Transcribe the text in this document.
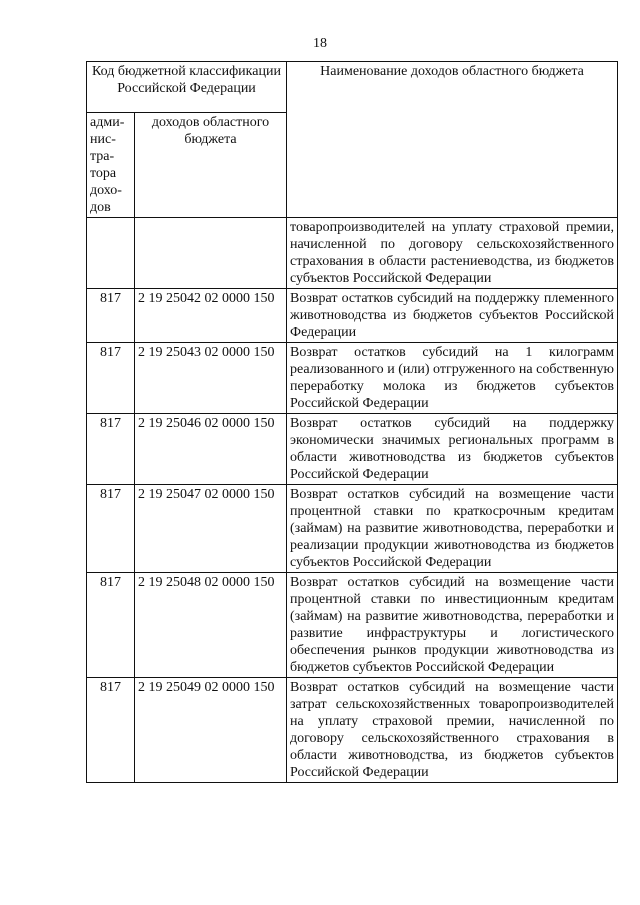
18
Код бюджетной классификации Российской Федерации		Наименование доходов областного бюджета
адми-нис-тра-тора дохо-дов	доходов областного бюджета	
		товаропроизводителей на уплату страховой премии, начисленной по договору сельскохозяйственного страхования в области растениеводства, из бюджетов субъектов Российской Федерации
817	2 19 25042 02 0000 150	Возврат остатков субсидий на поддержку племенного животноводства из бюджетов субъектов Российской Федерации
817	2 19 25043 02 0000 150	Возврат остатков субсидий на 1 килограмм реализованного и (или) отгруженного на собственную переработку молока из бюджетов субъектов Российской Федерации
817	2 19 25046 02 0000 150	Возврат остатков субсидий на поддержку экономически значимых региональных программ в области животноводства из бюджетов субъектов Российской Федерации
817	2 19 25047 02 0000 150	Возврат остатков субсидий на возмещение части процентной ставки по краткосрочным кредитам (займам) на развитие животноводства, переработки и реализации продукции животноводства из бюджетов субъектов Российской Федерации
817	2 19 25048 02 0000 150	Возврат остатков субсидий на возмещение части процентной ставки по инвестиционным кредитам (займам) на развитие животноводства, переработки и развитие инфраструктуры и логистического обеспечения рынков продукции животноводства из бюджетов субъектов Российской Федерации
817	2 19 25049 02 0000 150	Возврат остатков субсидий на возмещение части затрат сельскохозяйственных товаропроизводителей на уплату страховой премии, начисленной по договору сельскохозяйственного страхования в области животноводства, из бюджетов субъектов Российской Федерации
